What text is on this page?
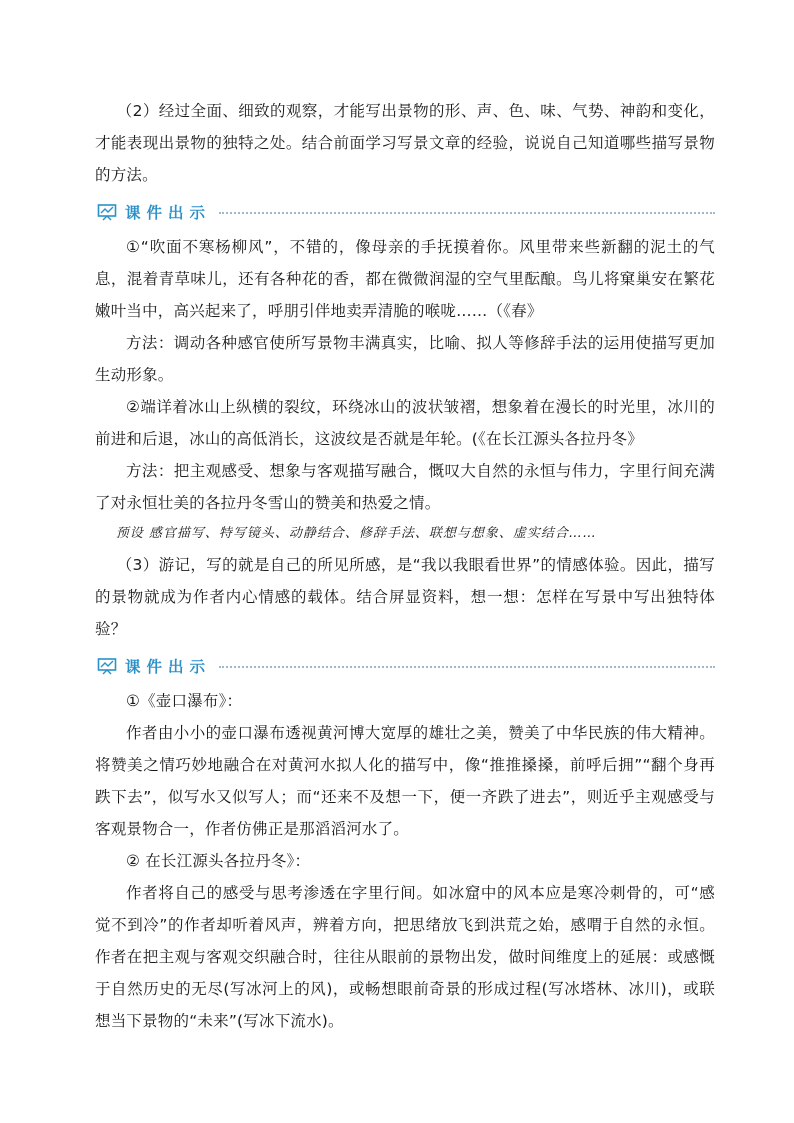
（2）经过全面、细致的观察，才能写出景物的形、声、色、味、气势、神韵和变化，才能表现出景物的独特之处。结合前面学习写景文章的经验，说说自己知道哪些描写景物的方法。

课件出示

①“吹面不寒杨柳风”，不错的，像母亲的手抚摸着你。风里带来些新翻的泥土的气息，混着青草味儿，还有各种花的香，都在微微润湿的空气里酝酿。鸟儿将窠巢安在繁花嫩叶当中，高兴起来了，呼朋引伴地卖弄清脆的喉咙……（《春》

方法：调动各种感官使所写景物丰满真实，比喻、拟人等修辞手法的运用使描写更加生动形象。

②端详着冰山上纵横的裂纹，环绕冰山的波状皱褶，想象着在漫长的时光里，冰川的前进和后退，冰山的高低消长，这波纹是否就是年轮。(《在长江源头各拉丹冬》

方法：把主观感受、想象与客观描写融合，慨叹大自然的永恒与伟力，字里行间充满了对永恒壮美的各拉丹冬雪山的赞美和热爱之情。

预设 感官描写、特写镜头、动静结合、修辞手法、联想与想象、虚实结合……

（3）游记，写的就是自己的所见所感，是“我以我眼看世界”的情感体验。因此，描写的景物就成为作者内心情感的载体。结合屏显资料，想一想：怎样在写景中写出独特体验？

课件出示

①《壶口瀑布》：

作者由小小的壶口瀑布透视黄河博大宽厚的雄壮之美，赞美了中华民族的伟大精神。将赞美之情巧妙地融合在对黄河水拟人化的描写中，像“推推搡搡，前呼后拥”“翻个身再跌下去”，似写水又似写人；而“还来不及想一下，便一齐跌了进去”，则近乎主观感受与客观景物合一，作者仿佛正是那滔滔河水了。

② 在长江源头各拉丹冬》：

作者将自己的感受与思考渗透在字里行间。如冰窟中的风本应是寒冷刺骨的，可“感觉不到冷”的作者却听着风声，辨着方向，把思绪放飞到洪荒之始，感喟于自然的永恒。作者在把主观与客观交织融合时，往往从眼前的景物出发，做时间维度上的延展：或感慨于自然历史的无尽(写冰河上的风)，或畅想眼前奇景的形成过程(写冰塔林、冰川)，或联想当下景物的“未来”(写冰下流水)。
